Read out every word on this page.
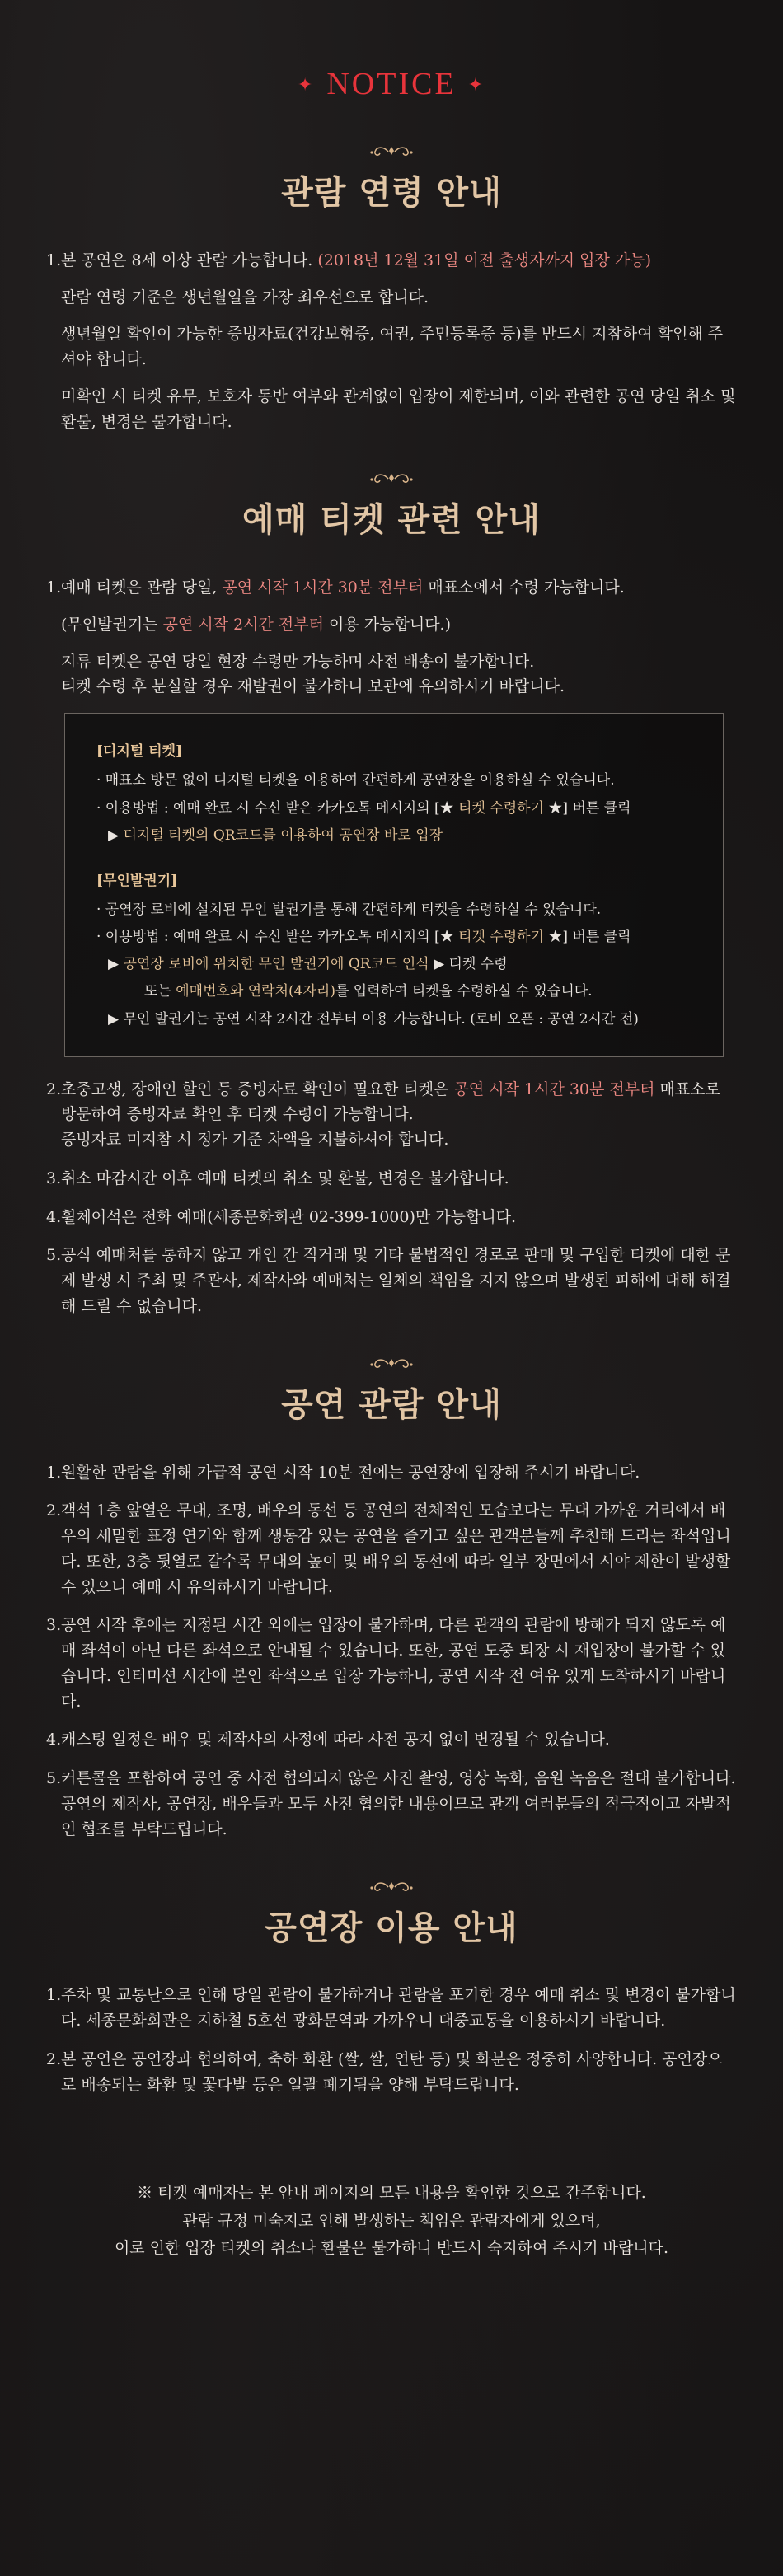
✦ NOTICE ✦
관람 연령 안내
1. 본 공연은 8세 이상 관람 가능합니다. (2018년 12월 31일 이전 출생자까지 입장 가능)

관람 연령 기준은 생년월일을 가장 최우선으로 합니다.

생년월일 확인이 가능한 증빙자료(건강보험증, 여권, 주민등록증 등)를 반드시 지참하여 확인해 주셔야 합니다.

미확인 시 티켓 유무, 보호자 동반 여부와 관계없이 입장이 제한되며, 이와 관련한 공연 당일 취소 및 환불, 변경은 불가합니다.

예매 티켓 관련 안내
1. 예매 티켓은 관람 당일, 공연 시작 1시간 30분 전부터 매표소에서 수령 가능합니다.

(무인발권기는 공연 시작 2시간 전부터 이용 가능합니다.)

지류 티켓은 공연 당일 현장 수령만 가능하며 사전 배송이 불가합니다.
티켓 수령 후 분실할 경우 재발권이 불가하니 보관에 유의하시기 바랍니다.

[디지털 티켓]
· 매표소 방문 없이 디지털 티켓을 이용하여 간편하게 공연장을 이용하실 수 있습니다.
· 이용방법 : 예매 완료 시 수신 받은 카카오톡 메시지의 [★ 티켓 수령하기 ★] 버튼 클릭
▶ 디지털 티켓의 QR코드를 이용하여 공연장 바로 입장
[무인발권기]
· 공연장 로비에 설치된 무인 발권기를 통해 간편하게 티켓을 수령하실 수 있습니다.
· 이용방법 : 예매 완료 시 수신 받은 카카오톡 메시지의 [★ 티켓 수령하기 ★] 버튼 클릭
▶ 공연장 로비에 위치한 무인 발권기에 QR코드 인식 ▶ 티켓 수령
또는 예매번호와 연락처(4자리)를 입력하여 티켓을 수령하실 수 있습니다.
▶ 무인 발권기는 공연 시작 2시간 전부터 이용 가능합니다. (로비 오픈 : 공연 2시간 전)
2. 초중고생, 장애인 할인 등 증빙자료 확인이 필요한 티켓은 공연 시작 1시간 30분 전부터 매표소로 방문하여 증빙자료 확인 후 티켓 수령이 가능합니다.
증빙자료 미지참 시 정가 기준 차액을 지불하셔야 합니다.

3. 취소 마감시간 이후 예매 티켓의 취소 및 환불, 변경은 불가합니다.

4. 휠체어석은 전화 예매(세종문화회관 02-399-1000)만 가능합니다.

5. 공식 예매처를 통하지 않고 개인 간 직거래 및 기타 불법적인 경로로 판매 및 구입한 티켓에 대한 문제 발생 시 주최 및 주관사, 제작사와 예매처는 일체의 책임을 지지 않으며 발생된 피해에 대해 해결해 드릴 수 없습니다.

공연 관람 안내
1. 원활한 관람을 위해 가급적 공연 시작 10분 전에는 공연장에 입장해 주시기 바랍니다.

2. 객석 1층 앞열은 무대, 조명, 배우의 동선 등 공연의 전체적인 모습보다는 무대 가까운 거리에서 배우의 세밀한 표정 연기와 함께 생동감 있는 공연을 즐기고 싶은 관객분들께 추천해 드리는 좌석입니다. 또한, 3층 뒷열로 갈수록 무대의 높이 및 배우의 동선에 따라 일부 장면에서 시야 제한이 발생할 수 있으니 예매 시 유의하시기 바랍니다.

3. 공연 시작 후에는 지정된 시간 외에는 입장이 불가하며, 다른 관객의 관람에 방해가 되지 않도록 예매 좌석이 아닌 다른 좌석으로 안내될 수 있습니다. 또한, 공연 도중 퇴장 시 재입장이 불가할 수 있습니다. 인터미션 시간에 본인 좌석으로 입장 가능하니, 공연 시작 전 여유 있게 도착하시기 바랍니다.

4. 캐스팅 일정은 배우 및 제작사의 사정에 따라 사전 공지 없이 변경될 수 있습니다.

5. 커튼콜을 포함하여 공연 중 사전 협의되지 않은 사진 촬영, 영상 녹화, 음원 녹음은 절대 불가합니다. 공연의 제작사, 공연장, 배우들과 모두 사전 협의한 내용이므로 관객 여러분들의 적극적이고 자발적인 협조를 부탁드립니다.

공연장 이용 안내
1. 주차 및 교통난으로 인해 당일 관람이 불가하거나 관람을 포기한 경우 예매 취소 및 변경이 불가합니다. 세종문화회관은 지하철 5호선 광화문역과 가까우니 대중교통을 이용하시기 바랍니다.

2. 본 공연은 공연장과 협의하여, 축하 화환 (쌀, 쌀, 연탄 등) 및 화분은 정중히 사양합니다. 공연장으로 배송되는 화환 및 꽃다발 등은 일괄 폐기됨을 양해 부탁드립니다.

※ 티켓 예매자는 본 안내 페이지의 모든 내용을 확인한 것으로 간주합니다.
관람 규정 미숙지로 인해 발생하는 책임은 관람자에게 있으며,
이로 인한 입장 티켓의 취소나 환불은 불가하니 반드시 숙지하여 주시기 바랍니다.
